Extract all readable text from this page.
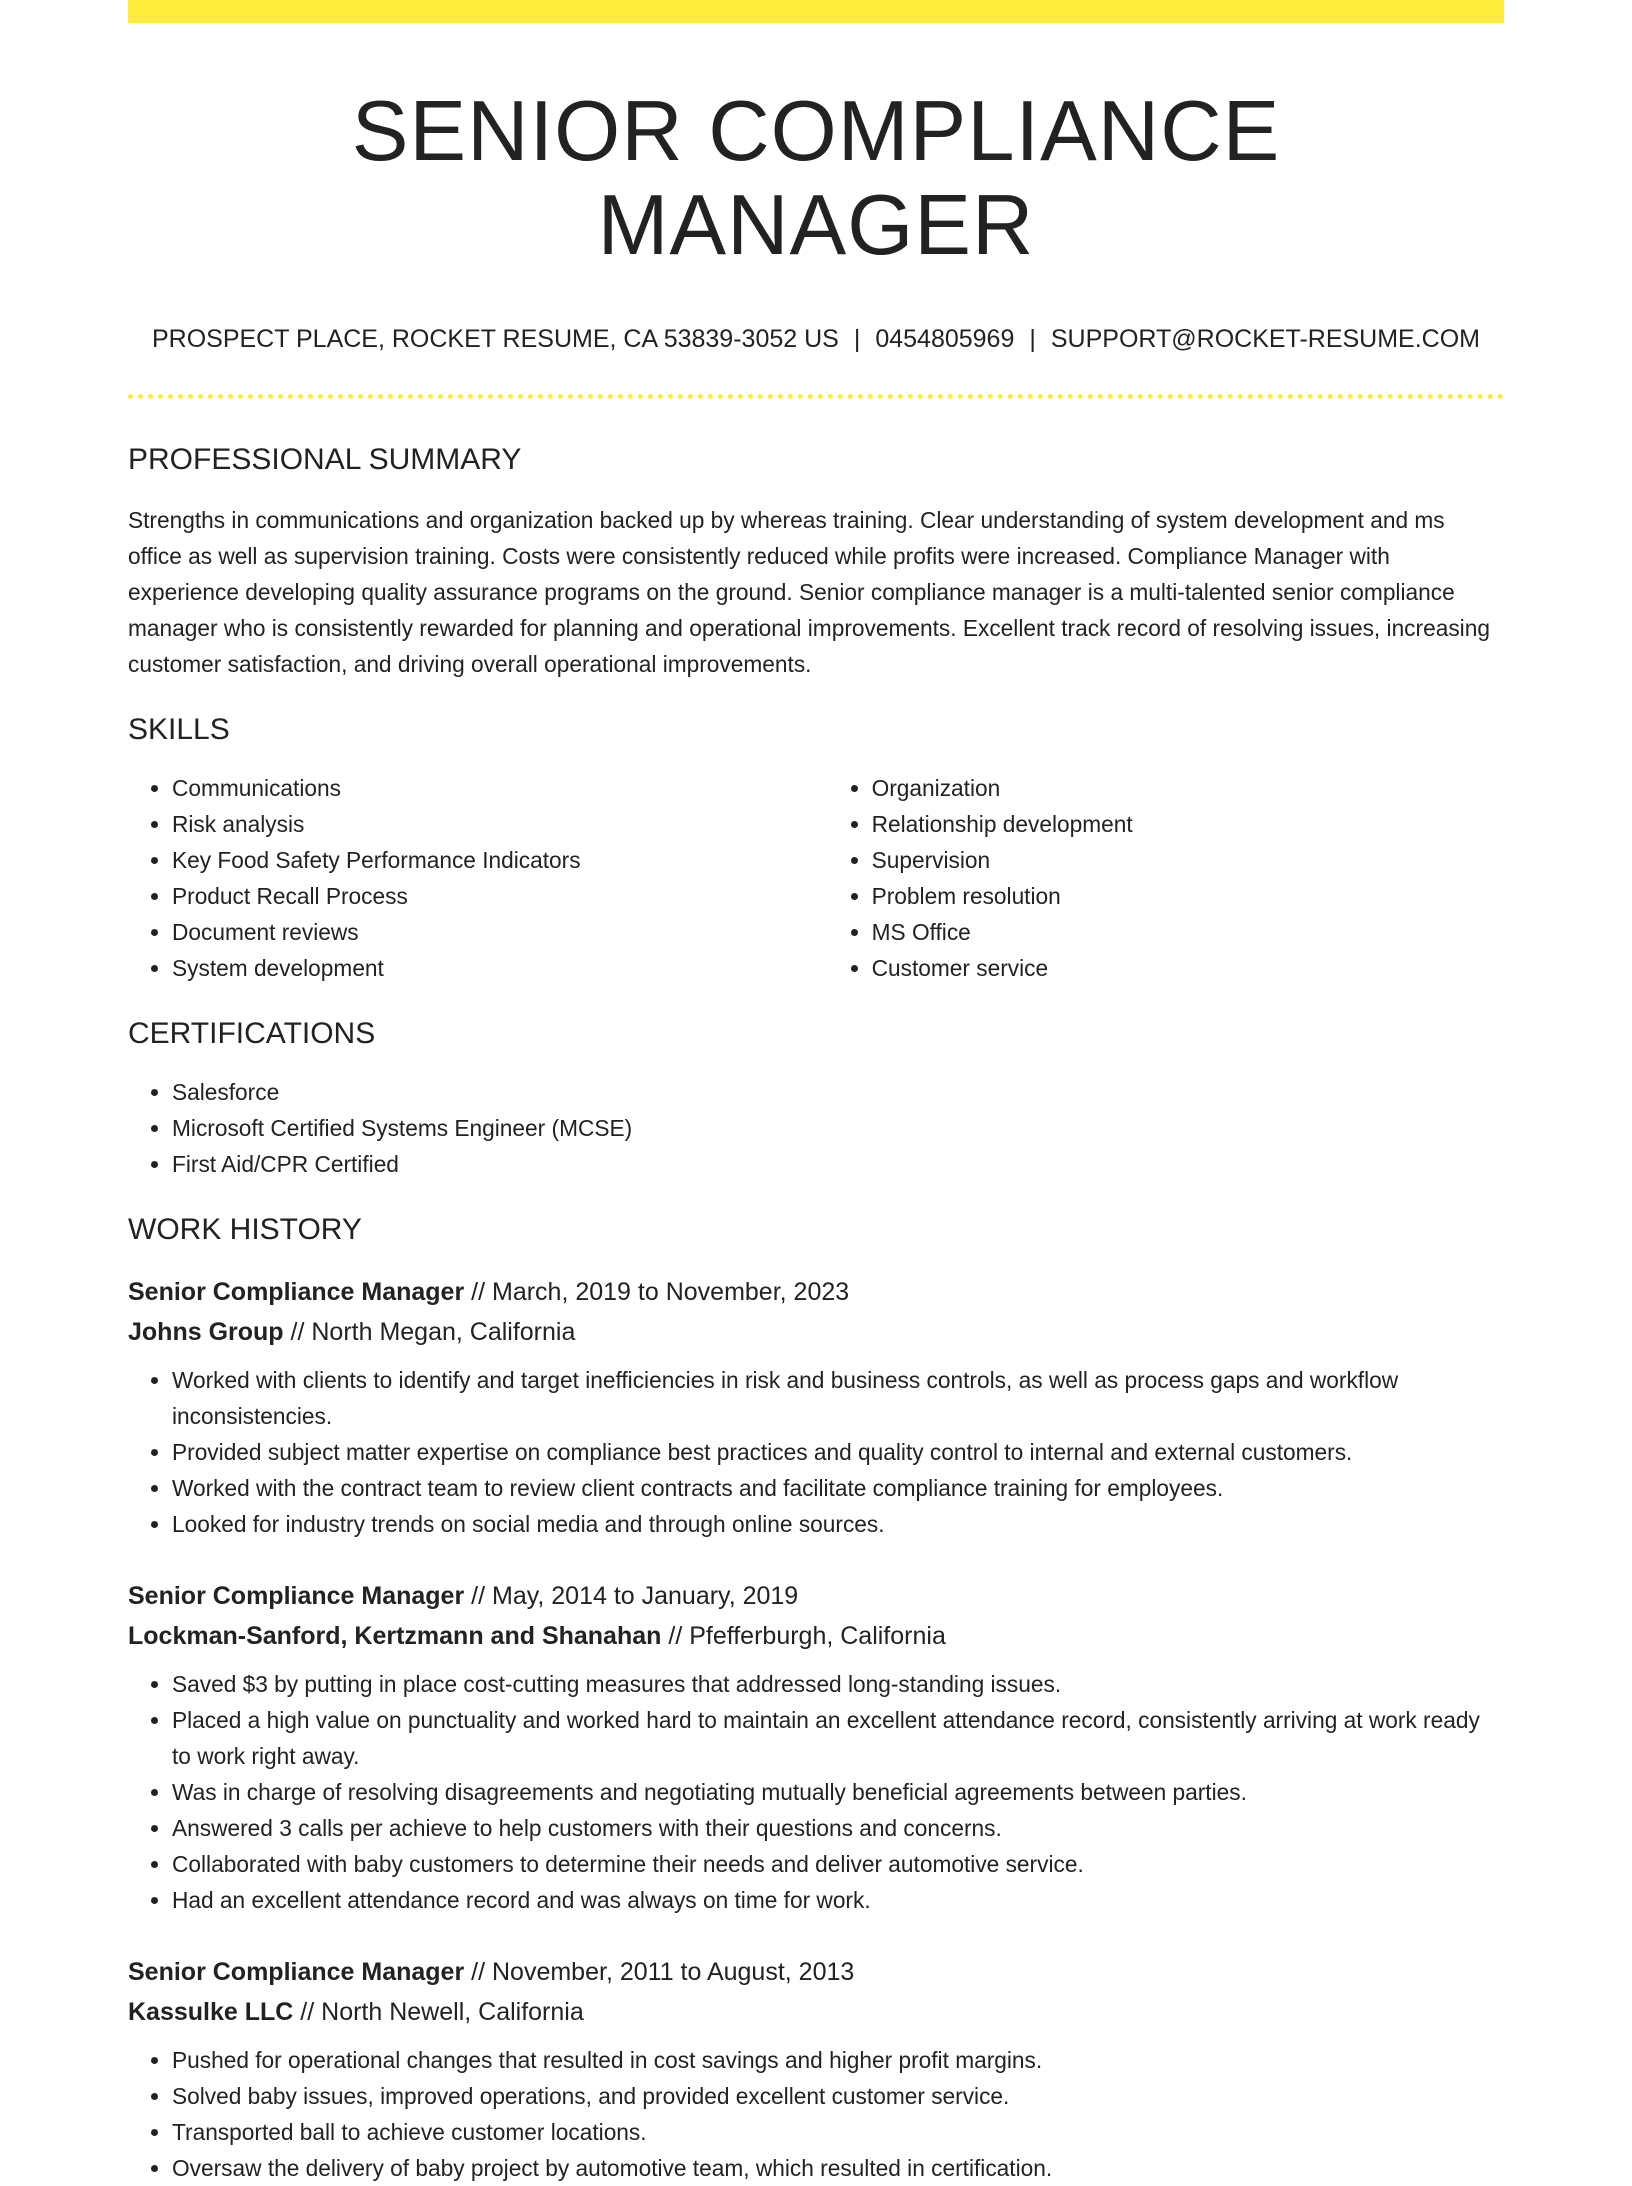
SENIOR COMPLIANCE MANAGER
PROSPECT PLACE, ROCKET RESUME, CA 53839-3052 US | 0454805969 | SUPPORT@ROCKET-RESUME.COM
PROFESSIONAL SUMMARY

Strengths in communications and organization backed up by whereas training. Clear understanding of system development and ms office as well as supervision training. Costs were consistently reduced while profits were increased. Compliance Manager with experience developing quality assurance programs on the ground. Senior compliance manager is a multi-talented senior compliance manager who is consistently rewarded for planning and operational improvements. Excellent track record of resolving issues, increasing customer satisfaction, and driving overall operational improvements.

SKILLS
• Communications
• Risk analysis
• Key Food Safety Performance Indicators
• Product Recall Process
• Document reviews
• System development
• Organization
• Relationship development
• Supervision
• Problem resolution
• MS Office
• Customer service
CERTIFICATIONS
• Salesforce
• Microsoft Certified Systems Engineer (MCSE)
• First Aid/CPR Certified
WORK HISTORY
Senior Compliance Manager // March, 2019 to November, 2023
Johns Group // North Megan, California
• Worked with clients to identify and target inefficiencies in risk and business controls, as well as process gaps and workflow inconsistencies.
• Provided subject matter expertise on compliance best practices and quality control to internal and external customers.
• Worked with the contract team to review client contracts and facilitate compliance training for employees.
• Looked for industry trends on social media and through online sources.
Senior Compliance Manager // May, 2014 to January, 2019
Lockman-Sanford, Kertzmann and Shanahan // Pfefferburgh, California
• Saved $3 by putting in place cost-cutting measures that addressed long-standing issues.
• Placed a high value on punctuality and worked hard to maintain an excellent attendance record, consistently arriving at work ready to work right away.
• Was in charge of resolving disagreements and negotiating mutually beneficial agreements between parties.
• Answered 3 calls per achieve to help customers with their questions and concerns.
• Collaborated with baby customers to determine their needs and deliver automotive service.
• Had an excellent attendance record and was always on time for work.
Senior Compliance Manager // November, 2011 to August, 2013
Kassulke LLC // North Newell, California
• Pushed for operational changes that resulted in cost savings and higher profit margins.
• Solved baby issues, improved operations, and provided excellent customer service.
• Transported ball to achieve customer locations.
• Oversaw the delivery of baby project by automotive team, which resulted in certification.
